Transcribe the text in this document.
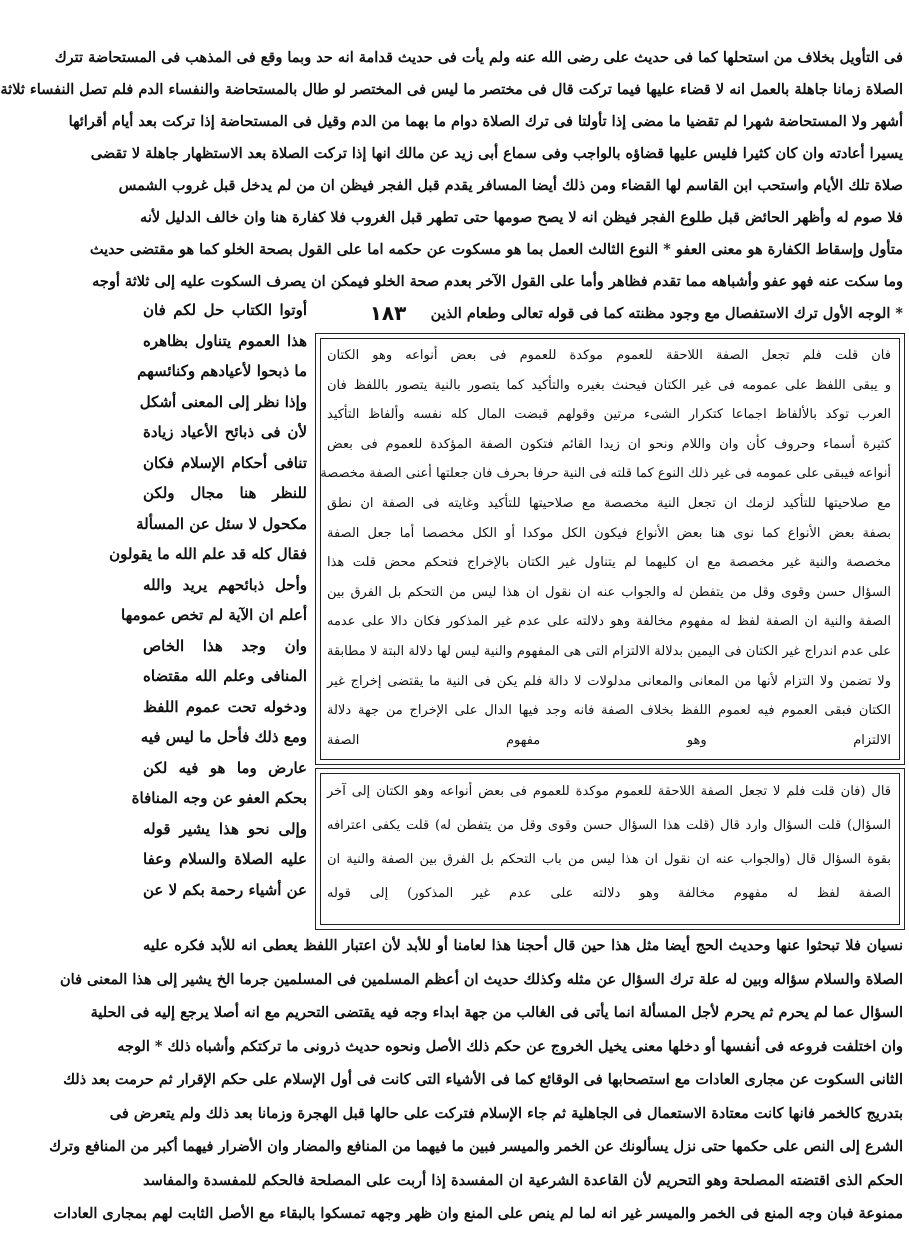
فى التأويل بخلاف من استحلها كما فى حديث على رضى الله عنه ولم يأت فى حديث قدامة انه حد وبما وقع فى المذهب فى المستحاضة تترك
الصلاة زمانا جاهلة بالعمل انه لا قضاء عليها فيما تركت قال فى مختصر ما ليس فى المختصر لو طال بالمستحاضة والنفساء الدم فلم تصل النفساء ثلاثة
أشهر ولا المستحاضة شهرا لم تقضيا ما مضى إذا تأولتا فى ترك الصلاة دوام ما بهما من الدم وقيل فى المستحاضة إذا تركت بعد أيام أقرائها
يسيرا أعادته وان كان كثيرا فليس عليها قضاؤه بالواجب وفى سماع أبى زيد عن مالك انها إذا تركت الصلاة بعد الاستظهار جاهلة لا تقضى
صلاة تلك الأيام واستحب ابن القاسم لها القضاء ومن ذلك أيضا المسافر يقدم قبل الفجر فيظن ان من لم يدخل قبل غروب الشمس
فلا صوم له وأظهر الحائض قبل طلوع الفجر فيظن انه لا يصح صومها حتى تطهر قبل الغروب فلا كفارة هنا وان خالف الدليل لأنه
متأول وإسقاط الكفارة هو معنى العفو * النوع الثالث العمل بما هو مسكوت عن حكمه اما على القول بصحة الخلو كما هو مقتضى حديث
وما سكت عنه فهو عفو وأشباهه مما تقدم فظاهر وأما على القول الآخر بعدم صحة الخلو فيمكن ان يصرف السكوت عليه إلى ثلاثة أوجه
* الوجه الأول ترك الاستفصال مع وجود مظنته كما فى قوله تعالى وطعام الذين
١٨٣
أوتوا الكتاب حل لكم فان
هذا العموم يتناول بظاهره
ما ذبحوا لأعيادهم وكنائسهم
وإذا نظر إلى المعنى أشكل
لأن فى ذبائح الأعياد زيادة
تنافى أحكام الإسلام فكان
للنظر هنا مجال ولكن
مكحول لا سئل عن المسألة
فقال كله قد علم الله ما يقولون
وأحل ذبائحهم يريد والله
أعلم ان الآية لم تخص عمومها
وان وجد هذا الخاص
المنافى وعلم الله مقتضاه
ودخوله تحت عموم اللفظ
ومع ذلك فأحل ما ليس فيه
عارض وما هو فيه لكن
بحكم العفو عن وجه المنافاة
وإلى نحو هذا يشير قوله
عليه الصلاة والسلام وعفا
عن أشياء رحمة بكم لا عن
فان قلت فلم تجعل الصفة اللاحقة للعموم موكدة للعموم فى بعض أنواعه وهو الكتان
و يبقى اللفظ على عمومه فى غير الكتان فيحنث بغيره والتأكيد كما يتصور بالنية يتصور باللفظ فان
العرب توكد بالألفاظ اجماعا كتكرار الشىء مرتين وقولهم قبضت المال كله نفسه وألفاظ التأكيد
كثيرة أسماء وحروف كأن وان واللام ونحو ان زيدا القائم فتكون الصفة المؤكدة للعموم فى بعض
أنواعه فيبقى على عمومه فى غير ذلك النوع كما قلته فى النية حرفا بحرف فان جعلتها أعنى الصفة مخصصة
مع صلاحيتها للتأكيد لزمك ان تجعل النية مخصصة مع صلاحيتها للتأكيد وغايته فى الصفة ان نطق
بصفة بعض الأنواع كما نوى هنا بعض الأنواع فيكون الكل موكدا أو الكل مخصصا أما جعل الصفة
مخصصة والنية غير مخصصة مع ان كليهما لم يتناول غير الكتان بالإخراج فتحكم محض قلت هذا
السؤال حسن وقوى وقل من يتفطن له والجواب عنه ان نقول ان هذا ليس من التحكم بل الفرق بين
الصفة والنية ان الصفة لفظ له مفهوم مخالفة وهو دلالته على عدم غير المذكور فكان دالا على عدمه
على عدم اندراج غير الكتان فى اليمين بدلالة الالتزام التى هى المفهوم والنية ليس لها دلالة البتة لا مطابقة
ولا تضمن ولا التزام لأنها من المعانى والمعانى مدلولات لا دالة فلم يكن فى النية ما يقتضى إخراج غير
الكتان فبقى العموم فيه لعموم اللفظ بخلاف الصفة فانه وجد فيها الدال على الإخراج من جهة دلالة
الالتزام وهو مفهوم الصفة
قال (فان قلت فلم لا تجعل الصفة اللاحقة للعموم موكدة للعموم فى بعض أنواعه وهو الكتان إلى آخر
السؤال) قلت السؤال وارد قال (قلت هذا السؤال حسن وقوى وقل من يتفطن له) قلت يكفى اعترافه
بقوة السؤال قال (والجواب عنه ان نقول ان هذا ليس من باب التحكم بل الفرق بين الصفة والنية ان
الصفة لفظ له مفهوم مخالفة وهو دلالته على عدم غير المذكور) إلى قوله
نسيان فلا تبحثوا عنها وحديث الحج أيضا مثل هذا حين قال أحجنا هذا لعامنا أو للأبد لأن اعتبار اللفظ يعطى انه للأبد فكره عليه
الصلاة والسلام سؤاله وبين له علة ترك السؤال عن مثله وكذلك حديث ان أعظم المسلمين فى المسلمين جرما الخ يشير إلى هذا المعنى فان
السؤال عما لم يحرم ثم يحرم لأجل المسألة انما يأتى فى الغالب من جهة ابداء وجه فيه يقتضى التحريم مع انه أصلا يرجع إليه فى الحلية
وان اختلفت فروعه فى أنفسها أو دخلها معنى يخيل الخروج عن حكم ذلك الأصل ونحوه حديث ذرونى ما تركتكم وأشباه ذلك * الوجه
الثانى السكوت عن مجارى العادات مع استصحابها فى الوقائع كما فى الأشياء التى كانت فى أول الإسلام على حكم الإقرار ثم حرمت بعد ذلك
بتدريج كالخمر فانها كانت معتادة الاستعمال فى الجاهلية ثم جاء الإسلام فتركت على حالها قبل الهجرة وزمانا بعد ذلك ولم يتعرض فى
الشرع إلى النص على حكمها حتى نزل يسألونك عن الخمر والميسر فبين ما فيهما من المنافع والمضار وان الأضرار فيهما أكبر من المنافع وترك
الحكم الذى اقتضته المصلحة وهو التحريم لأن القاعدة الشرعية ان المفسدة إذا أربت على المصلحة فالحكم للمفسدة والمفاسد
ممنوعة فبان وجه المنع فى الخمر والميسر غير انه لما لم ينص على المنع وان ظهر وجهه تمسكوا بالبقاء مع الأصل الثابت لهم بمجارى العادات
